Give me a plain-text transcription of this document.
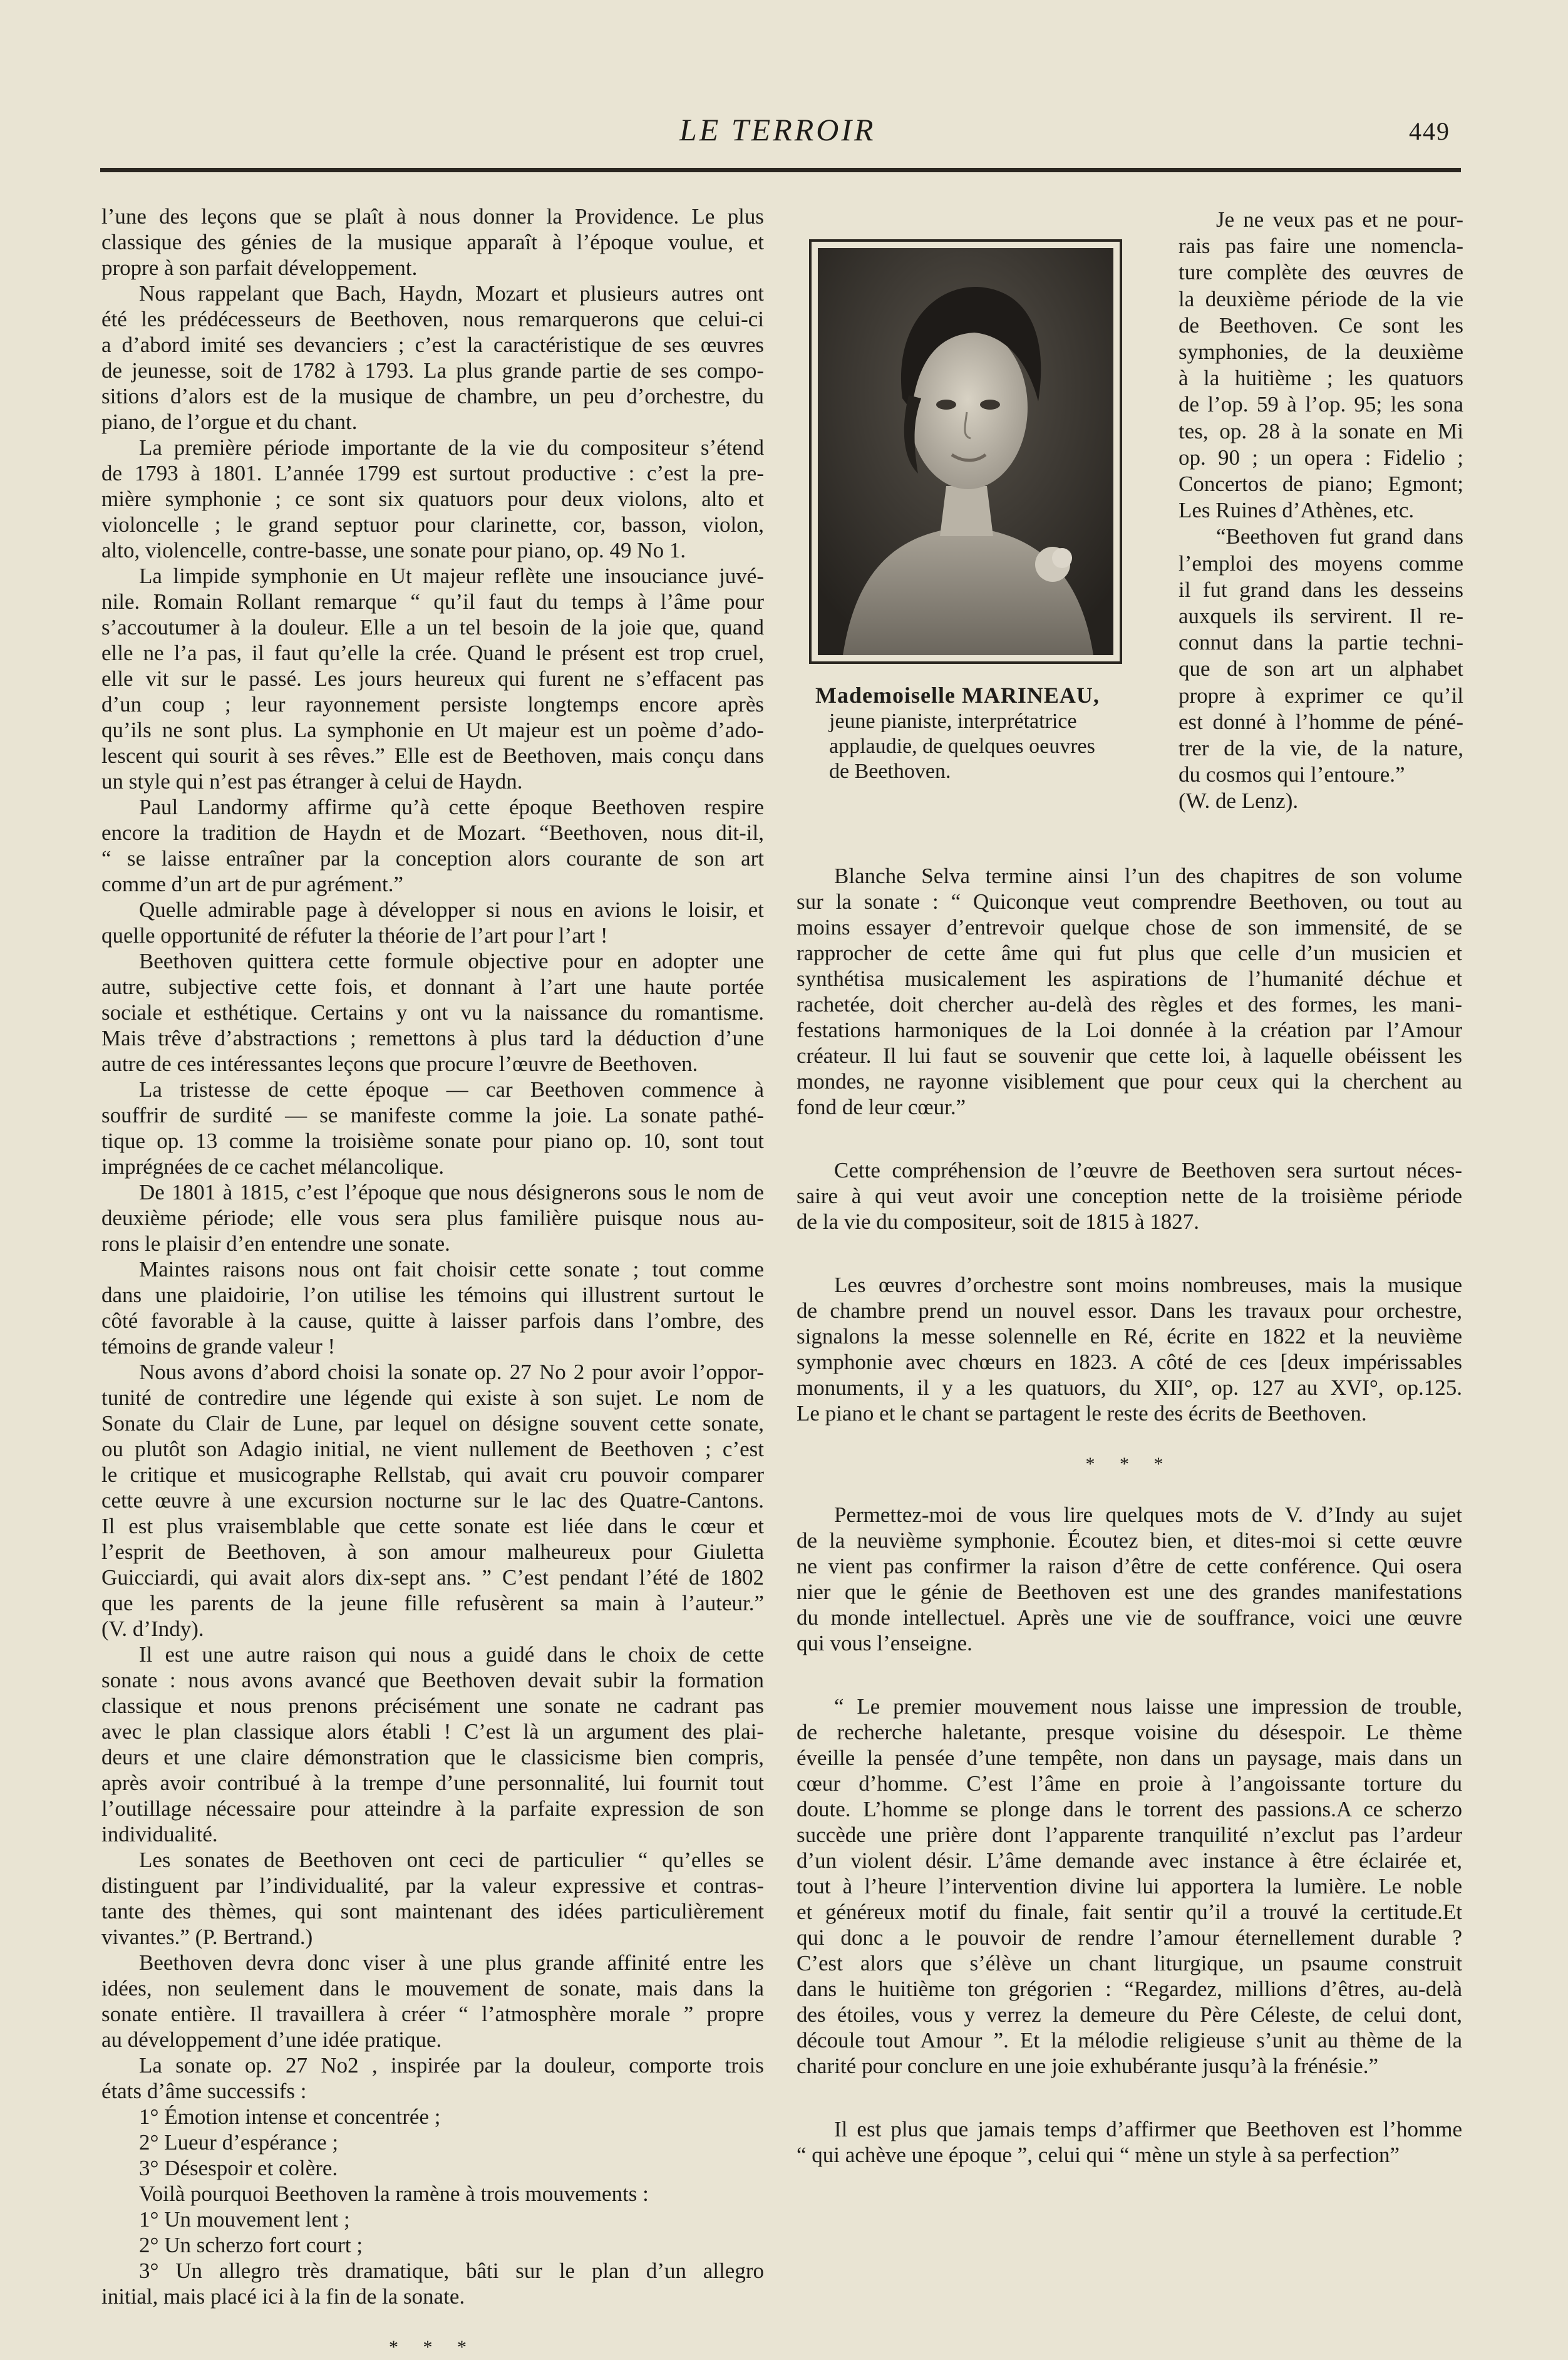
LE TERROIR	449

l’une des leçons que se plaît à nous donner la Providence. Le plus
classique des génies de la musique apparaît à l’époque voulue, et
propre à son parfait développement.

Nous rappelant que Bach, Haydn, Mozart et plusieurs autres ont
été les prédécesseurs de Beethoven, nous remarquerons que celui-ci
a d’abord imité ses devanciers ; c’est la caractéristique de ses œuvres
de jeunesse, soit de 1782 à 1793. La plus grande partie de ses compo-
sitions d’alors est de la musique de chambre, un peu d’orchestre, du
piano, de l’orgue et du chant.

La première période importante de la vie du compositeur s’étend
de 1793 à 1801. L’année 1799 est surtout productive : c’est la pre-
mière symphonie ; ce sont six quatuors pour deux violons, alto et
violoncelle ; le grand septuor pour clarinette, cor, basson, violon,
alto, violencelle, contre-basse, une sonate pour piano, op. 49 No 1.

La limpide symphonie en Ut majeur reflète une insouciance juvé-
nile. Romain Rollant remarque “ qu’il faut du temps à l’âme pour
s’accoutumer à la douleur. Elle a un tel besoin de la joie que, quand
elle ne l’a pas, il faut qu’elle la crée. Quand le présent est trop cruel,
elle vit sur le passé. Les jours heureux qui furent ne s’effacent pas
d’un coup ; leur rayonnement persiste longtemps encore après
qu’ils ne sont plus. La symphonie en Ut majeur est un poème d’ado-
lescent qui sourit à ses rêves.” Elle est de Beethoven, mais conçu dans
un style qui n’est pas étranger à celui de Haydn.

Paul Landormy affirme qu’à cette époque Beethoven respire
encore la tradition de Haydn et de Mozart. “Beethoven, nous dit-il,
“ se laisse entraîner par la conception alors courante de son art
comme d’un art de pur agrément.”

Quelle admirable page à développer si nous en avions le loisir, et
quelle opportunité de réfuter la théorie de l’art pour l’art !

Beethoven quittera cette formule objective pour en adopter une
autre, subjective cette fois, et donnant à l’art une haute portée
sociale et esthétique. Certains y ont vu la naissance du romantisme.
Mais trêve d’abstractions ; remettons à plus tard la déduction d’une
autre de ces intéressantes leçons que procure l’œuvre de Beethoven.

La tristesse de cette époque — car Beethoven commence à
souffrir de surdité — se manifeste comme la joie. La sonate pathé-
tique op. 13 comme la troisième sonate pour piano op. 10, sont tout
imprégnées de ce cachet mélancolique.

De 1801 à 1815, c’est l’époque que nous désignerons sous le nom de
deuxième période; elle vous sera plus familière puisque nous au-
rons le plaisir d’en entendre une sonate.

Maintes raisons nous ont fait choisir cette sonate ; tout comme
dans une plaidoirie, l’on utilise les témoins qui illustrent surtout le
côté favorable à la cause, quitte à laisser parfois dans l’ombre, des
témoins de grande valeur !

Nous avons d’abord choisi la sonate op. 27 No 2 pour avoir l’oppor-
tunité de contredire une légende qui existe à son sujet. Le nom de
Sonate du Clair de Lune, par lequel on désigne souvent cette sonate,
ou plutôt son Adagio initial, ne vient nullement de Beethoven ; c’est
le critique et musicographe Rellstab, qui avait cru pouvoir comparer
cette œuvre à une excursion nocturne sur le lac des Quatre-Cantons.
Il est plus vraisemblable que cette sonate est liée dans le cœur et
l’esprit de Beethoven, à son amour malheureux pour Giuletta
Guicciardi, qui avait alors dix-sept ans. ” C’est pendant l’été de 1802
que les parents de la jeune fille refusèrent sa main à l’auteur.”
(V. d’Indy).

Il est une autre raison qui nous a guidé dans le choix de cette
sonate : nous avons avancé que Beethoven devait subir la formation
classique et nous prenons précisément une sonate ne cadrant pas
avec le plan classique alors établi ! C’est là un argument des plai-
deurs et une claire démonstration que le classicisme bien compris,
après avoir contribué à la trempe d’une personnalité, lui fournit tout
l’outillage nécessaire pour atteindre à la parfaite expression de son
individualité.

Les sonates de Beethoven ont ceci de particulier “ qu’elles se
distinguent par l’individualité, par la valeur expressive et contras-
tante des thèmes, qui sont maintenant des idées particulièrement
vivantes.” (P. Bertrand.)

Beethoven devra donc viser à une plus grande affinité entre les
idées, non seulement dans le mouvement de sonate, mais dans la
sonate entière. Il travaillera à créer “ l’atmosphère morale ” propre
au développement d’une idée pratique.

La sonate op. 27 No2 , inspirée par la douleur, comporte trois
états d’âme successifs :

1° Émotion intense et concentrée ;

2° Lueur d’espérance ;

3° Désespoir et colère.

Voilà pourquoi Beethoven la ramène à trois mouvements :

1° Un mouvement lent ;

2° Un scherzo fort court ;

3° Un allegro très dramatique, bâti sur le plan d’un allegro
initial, mais placé ici à la fin de la sonate.

* * *
Mademoiselle MARINEAU,
jeune pianiste, interprétatrice
applaudie, de quelques oeuvres
de Beethoven.
Je ne veux pas et ne pour-
rais pas faire une nomencla-
ture complète des œuvres de
la deuxième période de la vie
de Beethoven. Ce sont les
symphonies, de la deuxième
à la huitième ; les quatuors
de l’op. 59 à l’op. 95; les sona
tes, op. 28 à la sonate en Mi
op. 90 ; un opera : Fidelio ;
Concertos de piano; Egmont;
Les Ruines d’Athènes, etc.
“Beethoven fut grand dans
l’emploi des moyens comme
il fut grand dans les desseins
auxquels ils servirent. Il re-
connut dans la partie techni-
que de son art un alphabet
propre à exprimer ce qu’il
est donné à l’homme de péné-
trer de la vie, de la nature,
du cosmos qui l’entoure.”
(W. de Lenz).
Blanche Selva termine ainsi l’un des chapitres de son volume
sur la sonate : “ Quiconque veut comprendre Beethoven, ou tout au
moins essayer d’entrevoir quelque chose de son immensité, de se
rapprocher de cette âme qui fut plus que celle d’un musicien et
synthétisa musicalement les aspirations de l’humanité déchue et
rachetée, doit chercher au-delà des règles et des formes, les mani-
festations harmoniques de la Loi donnée à la création par l’Amour
créateur. Il lui faut se souvenir que cette loi, à laquelle obéissent les
mondes, ne rayonne visiblement que pour ceux qui la cherchent au
fond de leur cœur.”
Cette compréhension de l’œuvre de Beethoven sera surtout néces-
saire à qui veut avoir une conception nette de la troisième période
de la vie du compositeur, soit de 1815 à 1827.
Les œuvres d’orchestre sont moins nombreuses, mais la musique
de chambre prend un nouvel essor. Dans les travaux pour orchestre,
signalons la messe solennelle en Ré, écrite en 1822 et la neuvième
symphonie avec chœurs en 1823. A côté de ces [deux impérissables
monuments, il y a les quatuors, du XII°, op. 127 au XVI°, op.125.
Le piano et le chant se partagent le reste des écrits de Beethoven.
* * *
Permettez-moi de vous lire quelques mots de V. d’Indy au sujet
de la neuvième symphonie. Écoutez bien, et dites-moi si cette œuvre
ne vient pas confirmer la raison d’être de cette conférence. Qui osera
nier que le génie de Beethoven est une des grandes manifestations
du monde intellectuel. Après une vie de souffrance, voici une œuvre
qui vous l’enseigne.
“ Le premier mouvement nous laisse une impression de trouble,
de recherche haletante, presque voisine du désespoir. Le thème
éveille la pensée d’une tempête, non dans un paysage, mais dans un
cœur d’homme. C’est l’âme en proie à l’angoissante torture du
doute. L’homme se plonge dans le torrent des passions.A ce scherzo
succède une prière dont l’apparente tranquilité n’exclut pas l’ardeur
d’un violent désir. L’âme demande avec instance à être éclairée et,
tout à l’heure l’intervention divine lui apportera la lumière. Le noble
et généreux motif du finale, fait sentir qu’il a trouvé la certitude.Et
qui donc a le pouvoir de rendre l’amour éternellement durable ?
C’est alors que s’élève un chant liturgique, un psaume construit
dans le huitième ton grégorien : “Regardez, millions d’êtres, au-delà
des étoiles, vous y verrez la demeure du Père Céleste, de celui dont,
découle tout Amour ”. Et la mélodie religieuse s’unit au thème de la
charité pour conclure en une joie exhubérante jusqu’à la frénésie.”
Il est plus que jamais temps d’affirmer que Beethoven est l’homme
“ qui achève une époque ”, celui qui “ mène un style à sa perfection”
